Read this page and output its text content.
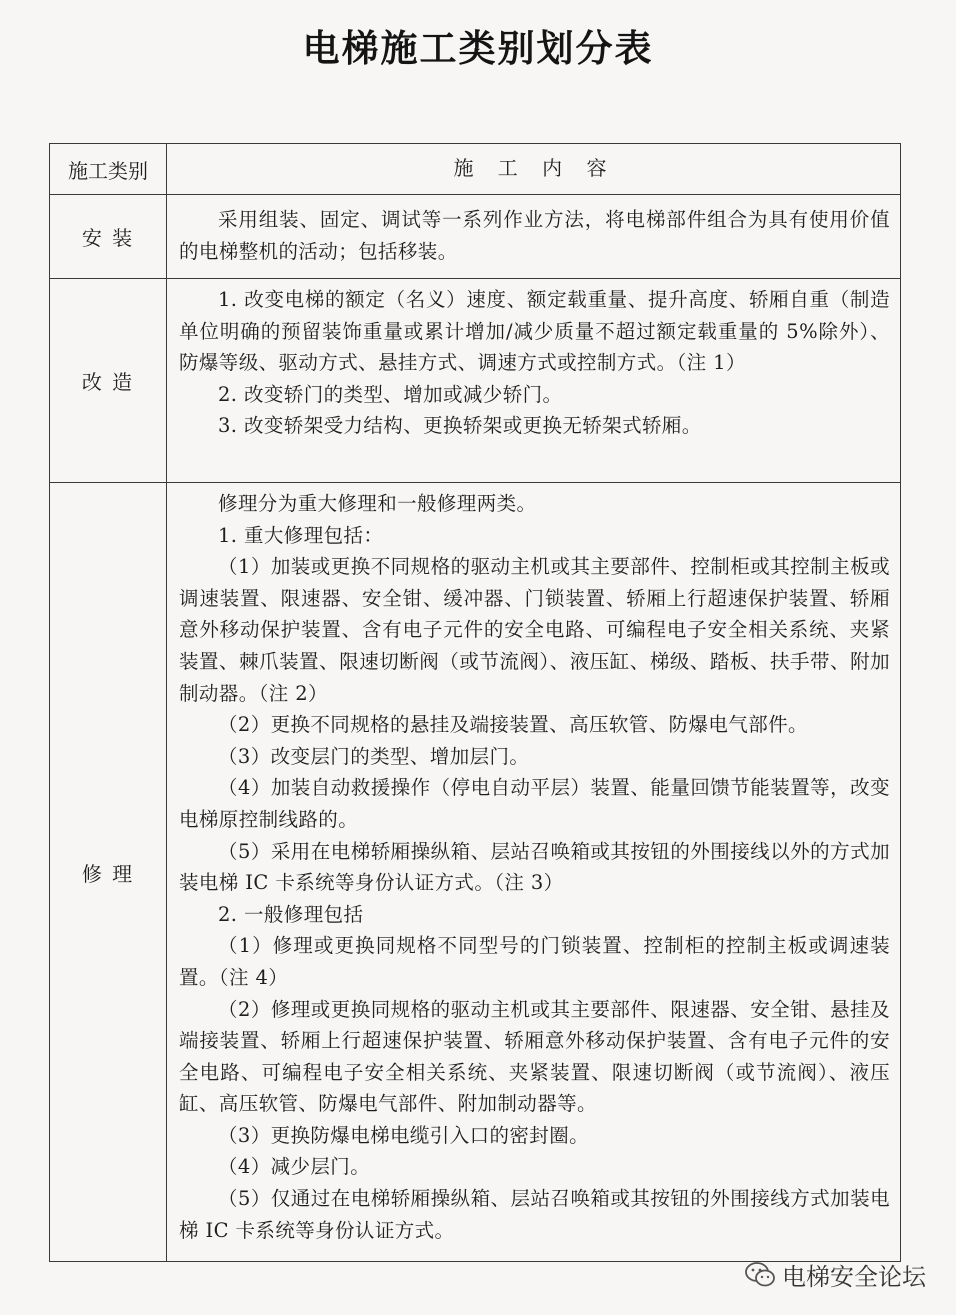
电梯施工类别划分表
施工类别	施 工 内 容
安 装

采用组装、固定、调试等一系列作业方法，将电梯部件组合为具有使用价值的电梯整机的活动；包括移装。

改 造

1. 改变电梯的额定（名义）速度、额定载重量、提升高度、轿厢自重（制造单位明确的预留装饰重量或累计增加/减少质量不超过额定载重量的 5%除外）、防爆等级、驱动方式、悬挂方式、调速方式或控制方式。（注 1）

2. 改变轿门的类型、增加或减少轿门。

3. 改变轿架受力结构、更换轿架或更换无轿架式轿厢。

修 理

修理分为重大修理和一般修理两类。

1. 重大修理包括：

（1）加装或更换不同规格的驱动主机或其主要部件、控制柜或其控制主板或调速装置、限速器、安全钳、缓冲器、门锁装置、轿厢上行超速保护装置、轿厢意外移动保护装置、含有电子元件的安全电路、可编程电子安全相关系统、夹紧装置、棘爪装置、限速切断阀（或节流阀）、液压缸、梯级、踏板、扶手带、附加制动器。（注 2）

（2）更换不同规格的悬挂及端接装置、高压软管、防爆电气部件。

（3）改变层门的类型、增加层门。

（4）加装自动救援操作（停电自动平层）装置、能量回馈节能装置等，改变电梯原控制线路的。

（5）采用在电梯轿厢操纵箱、层站召唤箱或其按钮的外围接线以外的方式加装电梯 IC 卡系统等身份认证方式。（注 3）

2. 一般修理包括

（1）修理或更换同规格不同型号的门锁装置、控制柜的控制主板或调速装置。（注 4）

（2）修理或更换同规格的驱动主机或其主要部件、限速器、安全钳、悬挂及端接装置、轿厢上行超速保护装置、轿厢意外移动保护装置、含有电子元件的安全电路、可编程电子安全相关系统、夹紧装置、限速切断阀（或节流阀）、液压缸、高压软管、防爆电气部件、附加制动器等。

（3）更换防爆电梯电缆引入口的密封圈。

（4）减少层门。

（5）仅通过在电梯轿厢操纵箱、层站召唤箱或其按钮的外围接线方式加装电梯 IC 卡系统等身份认证方式。

电梯安全论坛
